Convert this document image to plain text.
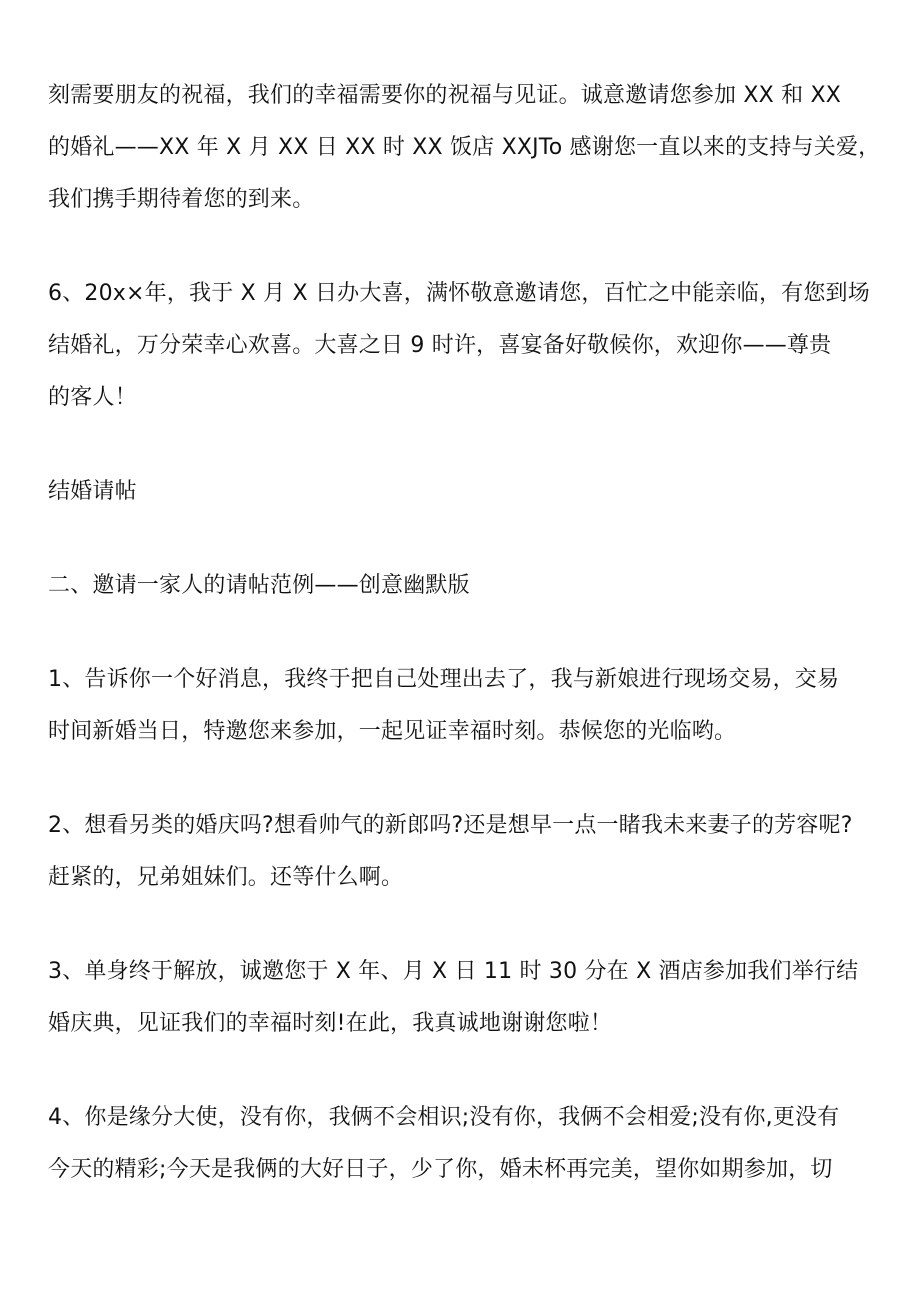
刻需要朋友的祝福，我们的幸福需要你的祝福与见证。诚意邀请您参加 XX 和 XX
的婚礼——XX 年 X 月 XX 日 XX 时 XX 饭店 XXJTo 感谢您一直以来的支持与关爱，
我们携手期待着您的到来。

6、20x×年，我于 X 月 X 日办大喜，满怀敬意邀请您，百忙之中能亲临，有您到场
结婚礼，万分荣幸心欢喜。大喜之日 9 时许，喜宴备好敬候你，欢迎你——尊贵
的客人！

结婚请帖

二、邀请一家人的请帖范例——创意幽默版

1、告诉你一个好消息，我终于把自己处理出去了，我与新娘进行现场交易，交易
时间新婚当日，特邀您来参加，一起见证幸福时刻。恭候您的光临哟。

2、想看另类的婚庆吗?想看帅气的新郎吗?还是想早一点一睹我未来妻子的芳容呢?
赶紧的，兄弟姐妹们。还等什么啊。

3、单身终于解放，诚邀您于 X 年、月 X 日 11 时 30 分在 X 酒店参加我们举行结
婚庆典，见证我们的幸福时刻!在此，我真诚地谢谢您啦！

4、你是缘分大使，没有你，我俩不会相识;没有你，我俩不会相爱;没有你,更没有
今天的精彩;今天是我俩的大好日子，少了你，婚未杯再完美，望你如期参加，切
